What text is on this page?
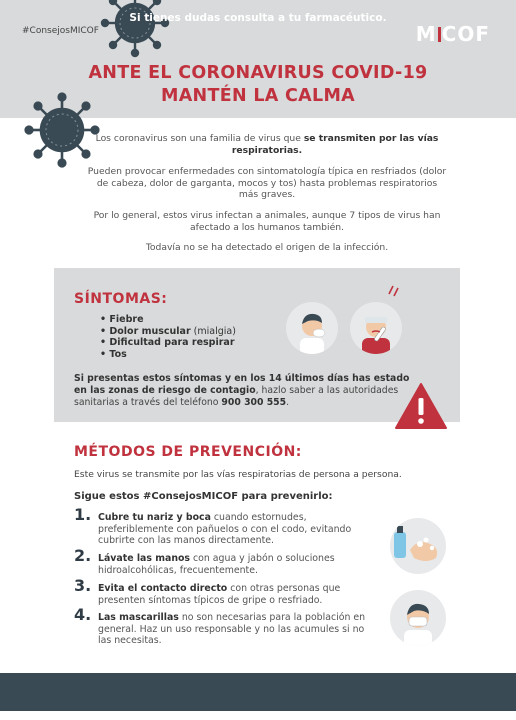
#ConsejosMICOF	M COF
ANTE EL CORONAVIRUS COVID-19
MANTÉN LA CALMA
Los coronavirus son una familia de virus que se transmiten por las vías respiratorias.
Pueden provocar enfermedades con sintomatología típica en resfriados (dolor de cabeza, dolor de garganta, mocos y tos) hasta problemas respiratorios más graves.
Por lo general, estos virus infectan a animales, aunque 7 tipos de virus han afectado a los humanos también.
Todavía no se ha detectado el origen de la infección.
SÍNTOMAS:
• Fiebre
• Dolor muscular (mialgia)
• Dificultad para respirar
• Tos
Si presentas estos síntomas y en los 14 últimos días has estado en las zonas de riesgo de contagio, hazlo saber a las autoridades sanitarias a través del teléfono 900 300 555.
MÉTODOS DE PREVENCIÓN:
Este virus se transmite por las vías respiratorias de persona a persona.
Sigue estos #ConsejosMICOF para prevenirlo:
1. Cubre tu nariz y boca cuando estornudes, preferiblemente con pañuelos o con el codo, evitando cubrirte con las manos directamente.
2. Lávate las manos con agua y jabón o soluciones hidroalcohólicas, frecuentemente.
3. Evita el contacto directo con otras personas que presenten síntomas típicos de gripe o resfriado.
4. Las mascarillas no son necesarias para la población en general. Haz un uso responsable y no las acumules si no las necesitas.
Si tienes dudas consulta a tu farmacéutico.
